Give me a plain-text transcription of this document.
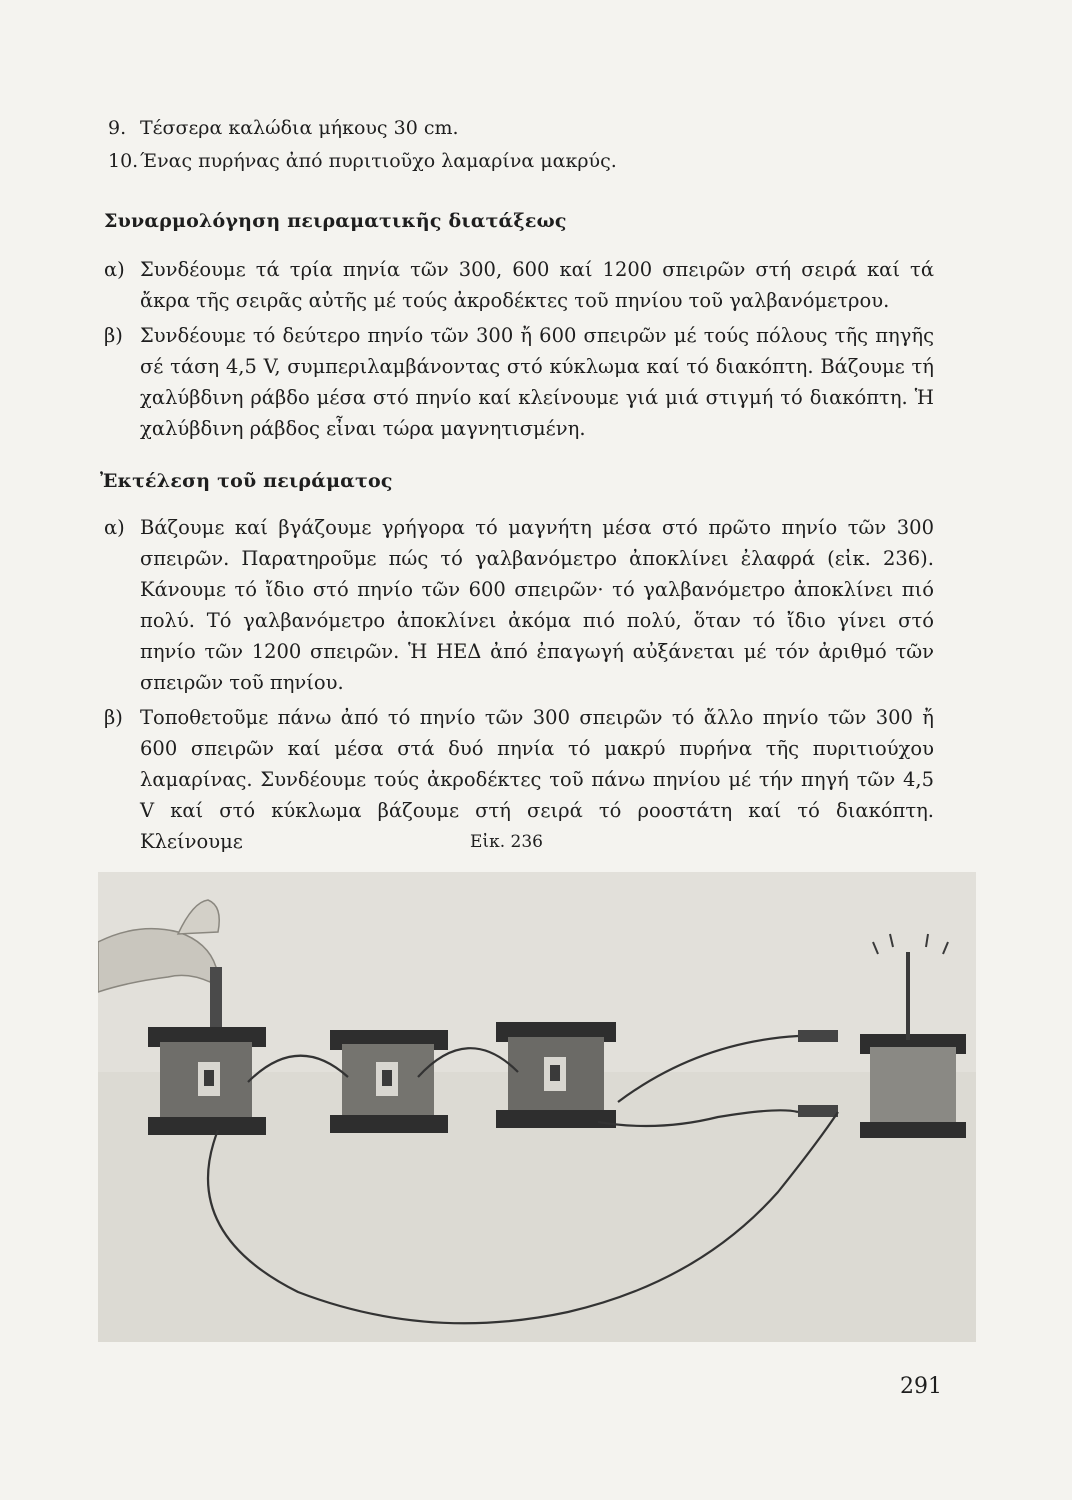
9. Τέσσερα καλώδια μήκους 30 cm.
10. Ένας πυρήνας ἀπό πυριτιοῦχο λαμαρίνα μακρύς.
Συναρμολόγηση πειραματικῆς διατάξεως
α) Συνδέουμε τά τρία πηνία τῶν 300, 600 καί 1200 σπειρῶν στή σειρά καί τά ἄκρα τῆς σειρᾶς αὐτῆς μέ τούς ἀκροδέκτες τοῦ πηνίου τοῦ γαλβανόμετρου.
β) Συνδέουμε τό δεύτερο πηνίο τῶν 300 ἤ 600 σπειρῶν μέ τούς πόλους τῆς πηγῆς σέ τάση 4,5 V, συμπεριλαμβάνοντας στό κύκλωμα καί τό διακόπτη. Βάζουμε τή χαλύβδινη ράβδο μέσα στό πηνίο καί κλείνουμε γιά μιά στιγμή τό διακόπτη. Ἡ χαλύβδινη ράβδος εἶναι τώρα μαγνητισμένη.
Ἐκτέλεση τοῦ πειράματος
α) Βάζουμε καί βγάζουμε γρήγορα τό μαγνήτη μέσα στό πρῶτο πηνίο τῶν 300 σπειρῶν. Παρατηροῦμε πώς τό γαλβανόμετρο ἀποκλίνει ἐλαφρά (εἰκ. 236). Κάνουμε τό ἴδιο στό πηνίο τῶν 600 σπειρῶν· τό γαλβανόμετρο ἀποκλίνει πιό πολύ. Τό γαλβανόμετρο ἀποκλίνει ἀκόμα πιό πολύ, ὅταν τό ἴδιο γίνει στό πηνίο τῶν 1200 σπειρῶν. Ἡ ΗΕΔ ἀπό ἐπαγωγή αὐξάνεται μέ τόν ἀριθμό τῶν σπειρῶν τοῦ πηνίου.
β) Τοποθετοῦμε πάνω ἀπό τό πηνίο τῶν 300 σπειρῶν τό ἄλλο πηνίο τῶν 300 ἤ 600 σπειρῶν καί μέσα στά δυό πηνία τό μακρύ πυρήνα τῆς πυριτιούχου λαμαρίνας. Συνδέουμε τούς ἀκροδέκτες τοῦ πάνω πηνίου μέ τήν πηγή τῶν 4,5 V καί στό κύκλωμα βάζουμε στή σειρά τό ροοστάτη καί τό διακόπτη. Κλείνουμε	Εἰκ. 236
291
